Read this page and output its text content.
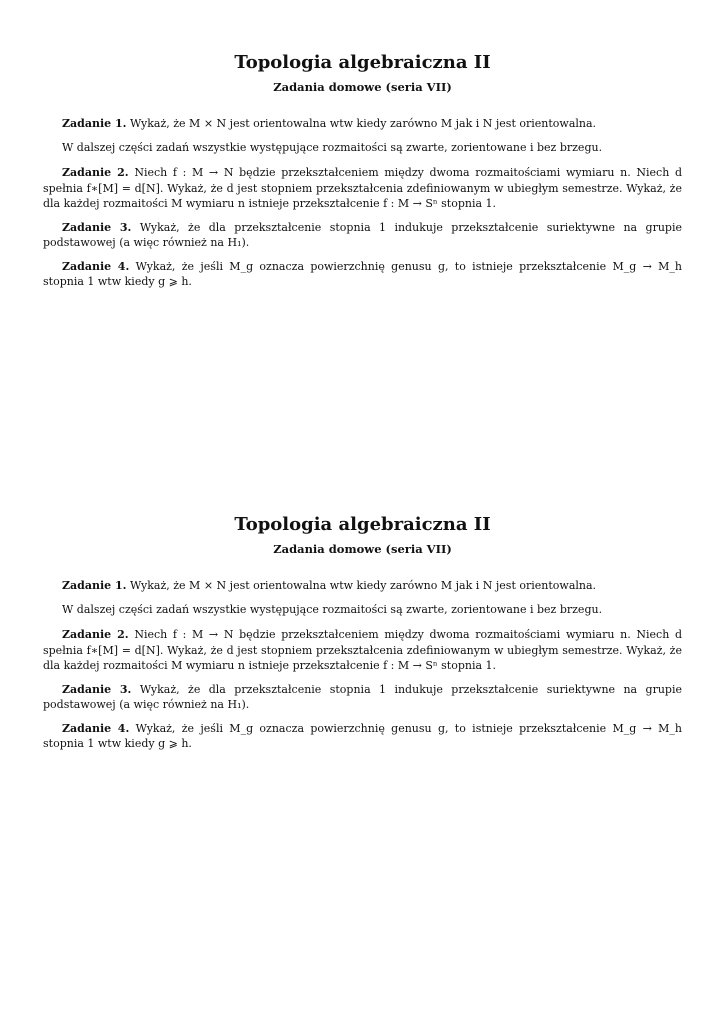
Topologia algebraiczna II
Zadania domowe (seria VII)

Zadanie 1. Wykaż, że M × N jest orientowalna wtw kiedy zarówno M jak i N jest orientowalna.

W dalszej części zadań wszystkie występujące rozmaitości są zwarte, zorientowane i bez brzegu.

Zadanie 2. Niech f : M → N będzie przekształceniem między dwoma rozmaitościami wymiaru n. Niech d spełnia f∗[M] = d[N]. Wykaż, że d jest stopniem przekształcenia zdefiniowanym w ubiegłym semestrze. Wykaż, że dla każdej rozmaitości M wymiaru n istnieje przekształcenie f : M → Sⁿ stopnia 1.

Zadanie 3. Wykaż, że dla przekształcenie stopnia 1 indukuje przekształcenie suriektywne na grupie podstawowej (a więc również na H₁).

Zadanie 4. Wykaż, że jeśli M_g oznacza powierzchnię genusu g, to istnieje przekształcenie M_g → M_h stopnia 1 wtw kiedy g ⩾ h.

Topologia algebraiczna II
Zadania domowe (seria VII)

Zadanie 1. Wykaż, że M × N jest orientowalna wtw kiedy zarówno M jak i N jest orientowalna.

W dalszej części zadań wszystkie występujące rozmaitości są zwarte, zorientowane i bez brzegu.

Zadanie 2. Niech f : M → N będzie przekształceniem między dwoma rozmaitościami wymiaru n. Niech d spełnia f∗[M] = d[N]. Wykaż, że d jest stopniem przekształcenia zdefiniowanym w ubiegłym semestrze. Wykaż, że dla każdej rozmaitości M wymiaru n istnieje przekształcenie f : M → Sⁿ stopnia 1.

Zadanie 3. Wykaż, że dla przekształcenie stopnia 1 indukuje przekształcenie suriektywne na grupie podstawowej (a więc również na H₁).

Zadanie 4. Wykaż, że jeśli M_g oznacza powierzchnię genusu g, to istnieje przekształcenie M_g → M_h stopnia 1 wtw kiedy g ⩾ h.
